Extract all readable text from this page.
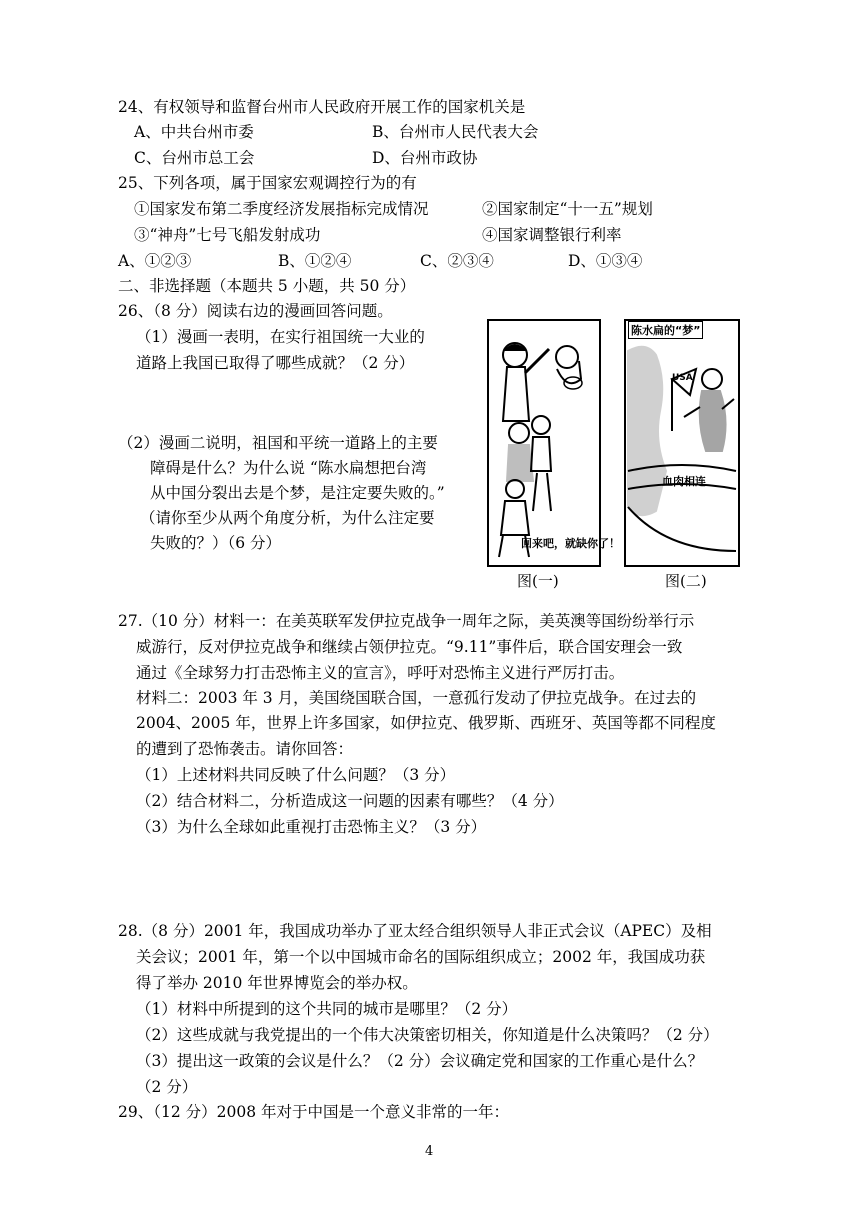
24、有权领导和监督台州市人民政府开展工作的国家机关是
A、中共台州市委	B、台州市人民代表大会
C、台州市总工会	D、台州市政协
25、下列各项，属于国家宏观调控行为的有
①国家发布第二季度经济发展指标完成情况	②国家制定“十一五”规划
③“神舟”七号飞船发射成功	④国家调整银行利率
A、①②③	B、①②④	C、②③④	D、①③④
二、非选择题（本题共 5 小题，共 50 分）
26、（8 分）阅读右边的漫画回答问题。
（1）漫画一表明，在实行祖国统一大业的
道路上我国已取得了哪些成就？（2 分）
（2）漫画二说明，祖国和平统一道路上的主要
障碍是什么？为什么说 “陈水扁想把台湾
从中国分裂出去是个梦，是注定要失败的。”
（请你至少从两个角度分析，为什么注定要
失败的？）（6 分）	回来吧，就缺你了！
图(一)
陈水扁的“梦”
USA
血肉相连
图(二)
27.（10 分）材料一：在美英联军发伊拉克战争一周年之际，美英澳等国纷纷举行示
威游行，反对伊拉克战争和继续占领伊拉克。“9.11”事件后，联合国安理会一致
通过《全球努力打击恐怖主义的宣言》，呼吁对恐怖主义进行严厉打击。
材料二：2003 年 3 月，美国绕国联合国，一意孤行发动了伊拉克战争。在过去的
2004、2005 年，世界上许多国家，如伊拉克、俄罗斯、西班牙、英国等都不同程度
的遭到了恐怖袭击。请你回答：
（1）上述材料共同反映了什么问题？（3 分）
（2）结合材料二，分析造成这一问题的因素有哪些？（4 分）
（3）为什么全球如此重视打击恐怖主义？（3 分）
28.（8 分）2001 年，我国成功举办了亚太经合组织领导人非正式会议（APEC）及相
关会议；2001 年，第一个以中国城市命名的国际组织成立；2002 年，我国成功获
得了举办 2010 年世界博览会的举办权。
（1）材料中所提到的这个共同的城市是哪里？（2 分）
（2）这些成就与我党提出的一个伟大决策密切相关，你知道是什么决策吗？（2 分）
（3）提出这一政策的会议是什么？（2 分）会议确定党和国家的工作重心是什么？
（2 分）
29、（12 分）2008 年对于中国是一个意义非常的一年：
4
